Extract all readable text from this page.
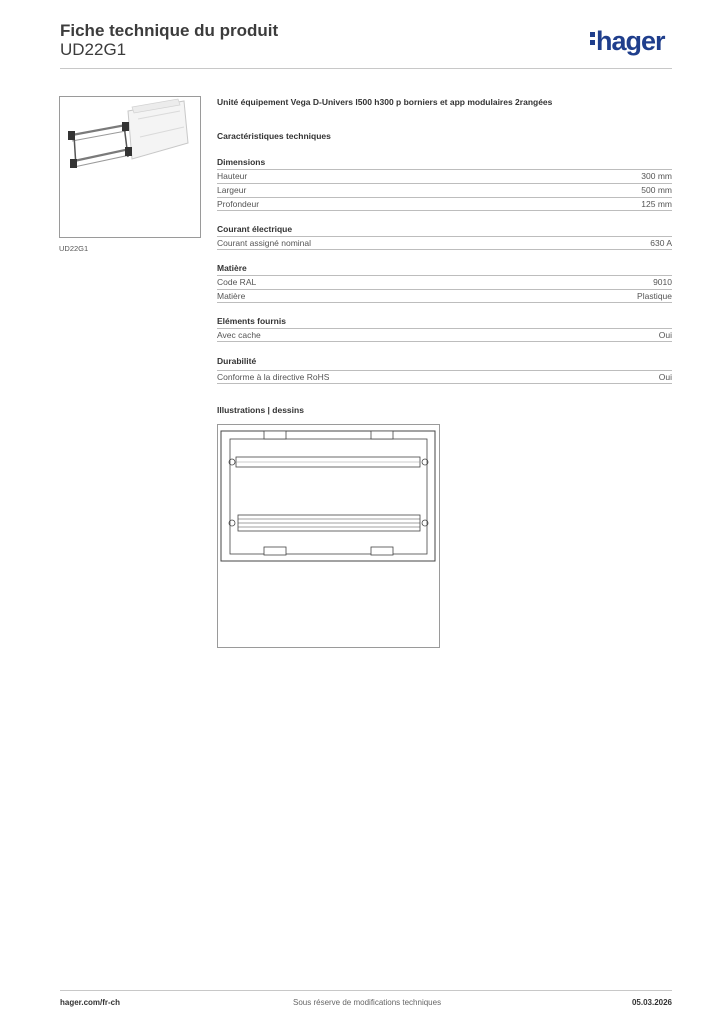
Fiche technique du produit
UD22G1	hager
UD22G1
Unité équipement Vega D-Univers l500 h300 p borniers et app modulaires 2rangées
Caractéristiques techniques
Dimensions
Hauteur	300 mm
Largeur	500 mm
Profondeur	125 mm
Courant électrique
Courant assigné nominal	630 A
Matière
Code RAL	9010
Matière	Plastique
Eléments fournis
Avec cache	Oui
Durabilité
Conforme à la directive RoHS	Oui
Illustrations | dessins
hager.com/fr-ch	Sous réserve de modifications techniques	05.03.2026
